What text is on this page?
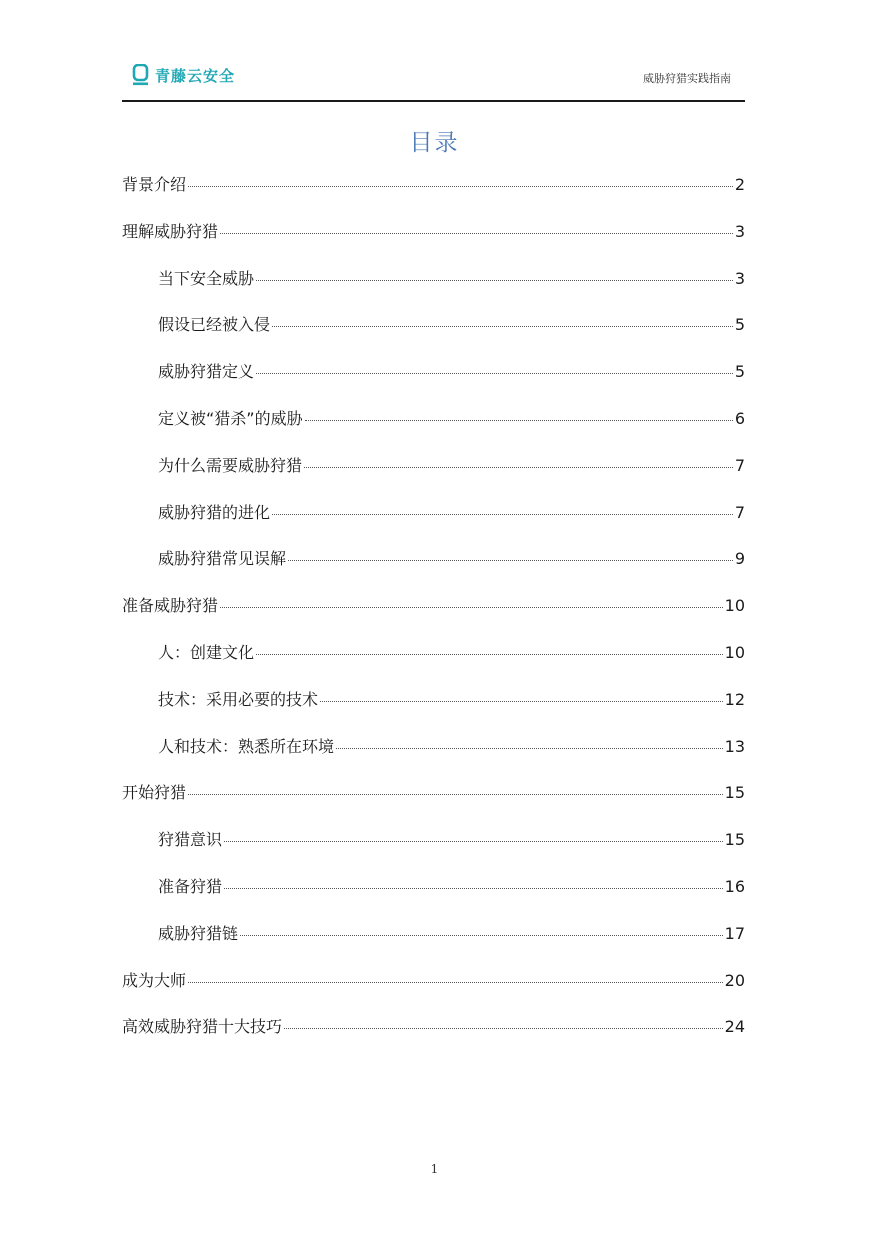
青藤云安全	威胁狩猎实践指南
目录
背景介绍	2
理解威胁狩猎	3
当下安全威胁	3
假设已经被入侵	5
威胁狩猎定义	5
定义被“猎杀”的威胁	6
为什么需要威胁狩猎	7
威胁狩猎的进化	7
威胁狩猎常见误解	9
准备威胁狩猎	10
人：创建文化	10
技术：采用必要的技术	12
人和技术：熟悉所在环境	13
开始狩猎	15
狩猎意识	15
准备狩猎	16
威胁狩猎链	17
成为大师	20
高效威胁狩猎十大技巧	24
1
